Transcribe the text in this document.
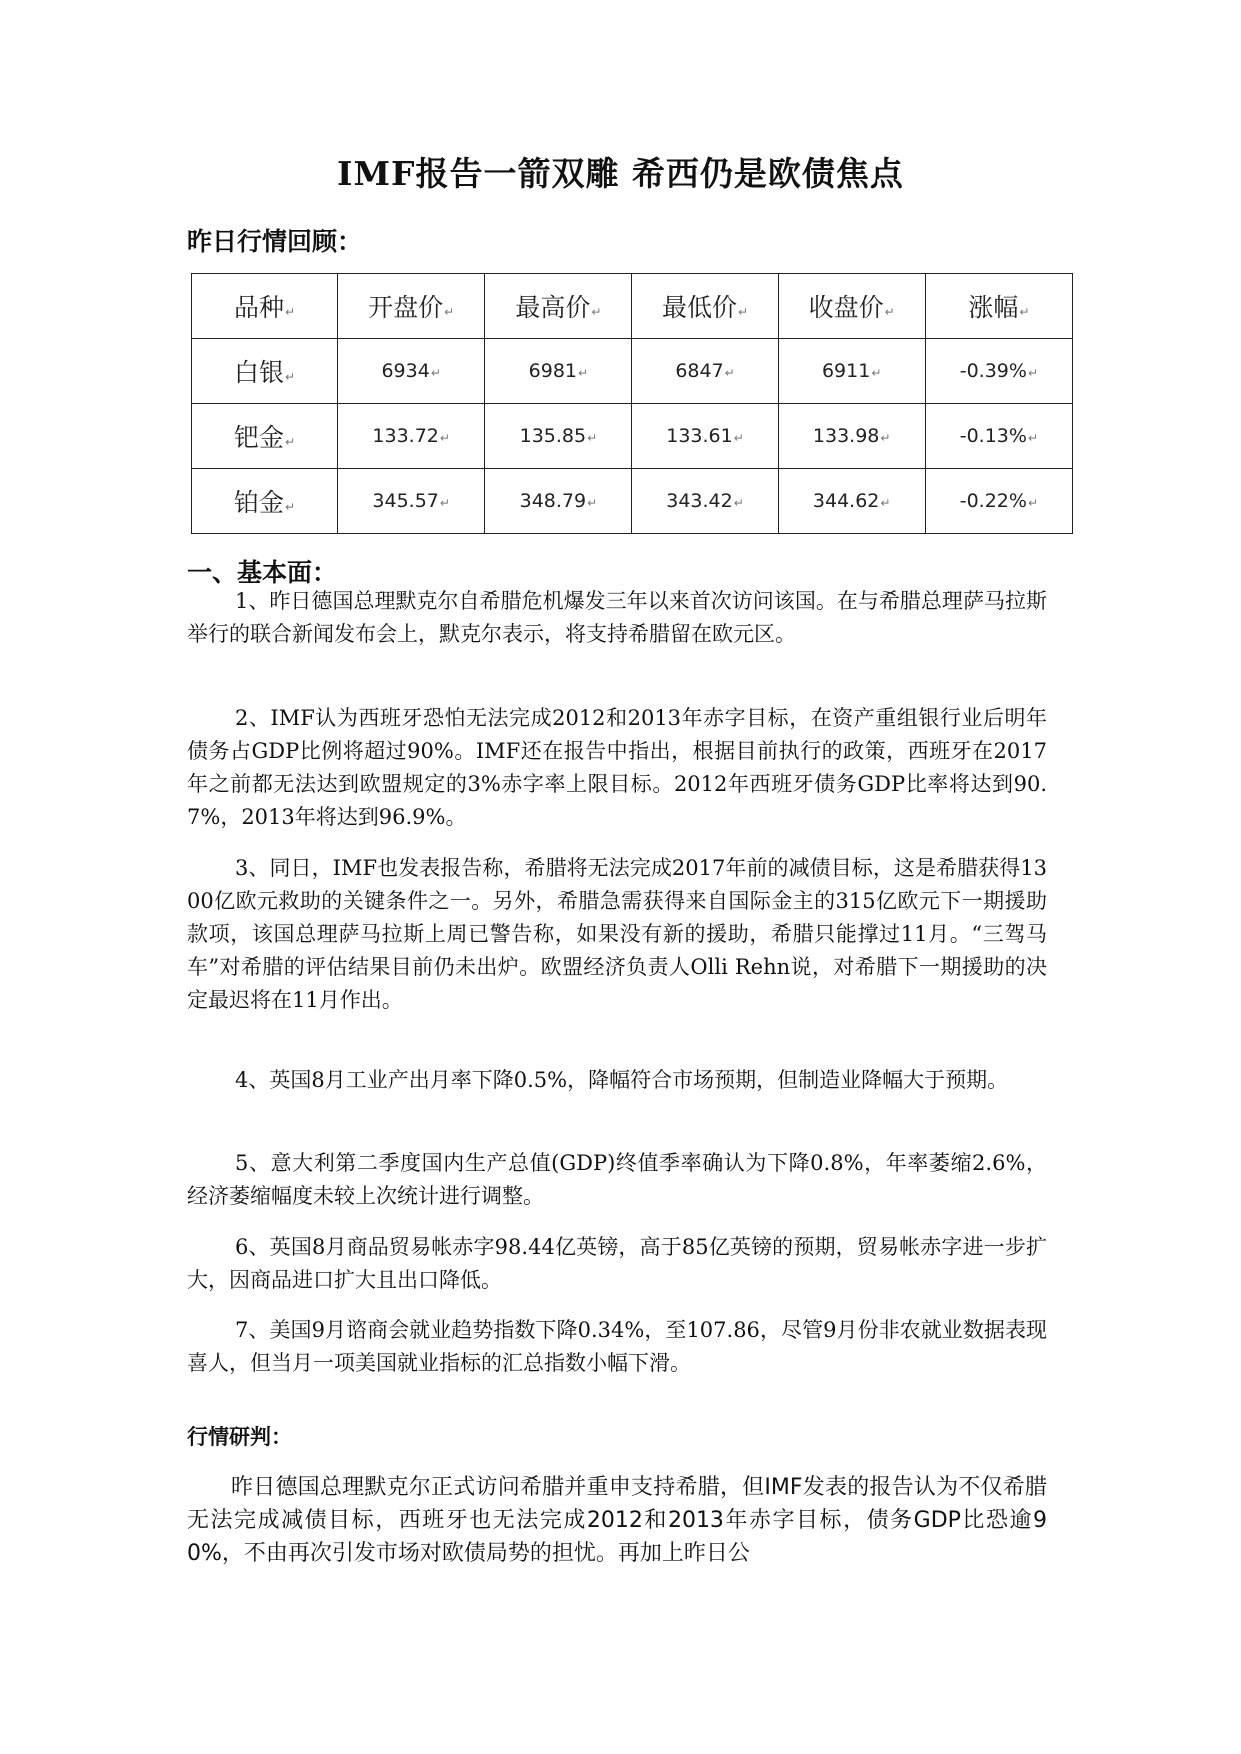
IMF报告一箭双雕 希西仍是欧债焦点
昨日行情回顾：
品种↵	开盘价↵	最高价↵	最低价↵	收盘价↵	涨幅↵
白银↵	6934↵	6981↵	6847↵	6911↵	-0.39%↵
钯金↵	133.72↵	135.85↵	133.61↵	133.98↵	-0.13%↵
铂金↵	345.57↵	348.79↵	343.42↵	344.62↵	-0.22%↵
一、基本面：

1、昨日德国总理默克尔自希腊危机爆发三年以来首次访问该国。在与希腊总理萨马拉斯举行的联合新闻发布会上，默克尔表示，将支持希腊留在欧元区。

2、IMF认为西班牙恐怕无法完成2012和2013年赤字目标，在资产重组银行业后明年债务占GDP比例将超过90%。IMF还在报告中指出，根据目前执行的政策，西班牙在2017年之前都无法达到欧盟规定的3%赤字率上限目标。2012年西班牙债务GDP比率将达到90.7%，2013年将达到96.9%。

3、同日，IMF也发表报告称，希腊将无法完成2017年前的减债目标，这是希腊获得1300亿欧元救助的关键条件之一。另外，希腊急需获得来自国际金主的315亿欧元下一期援助款项，该国总理萨马拉斯上周已警告称，如果没有新的援助，希腊只能撑过11月。“三驾马车”对希腊的评估结果目前仍未出炉。欧盟经济负责人Olli Rehn说，对希腊下一期援助的决定最迟将在11月作出。

4、英国8月工业产出月率下降0.5%，降幅符合市场预期，但制造业降幅大于预期。

5、意大利第二季度国内生产总值(GDP)终值季率确认为下降0.8%，年率萎缩2.6%，经济萎缩幅度未较上次统计进行调整。

6、英国8月商品贸易帐赤字98.44亿英镑，高于85亿英镑的预期，贸易帐赤字进一步扩大，因商品进口扩大且出口降低。

7、美国9月谘商会就业趋势指数下降0.34%，至107.86，尽管9月份非农就业数据表现喜人，但当月一项美国就业指标的汇总指数小幅下滑。

行情研判：

昨日德国总理默克尔正式访问希腊并重申支持希腊，但IMF发表的报告认为不仅希腊无法完成减债目标，西班牙也无法完成2012和2013年赤字目标，债务GDP比恐逾90%，不由再次引发市场对欧债局势的担忧。再加上昨日公
